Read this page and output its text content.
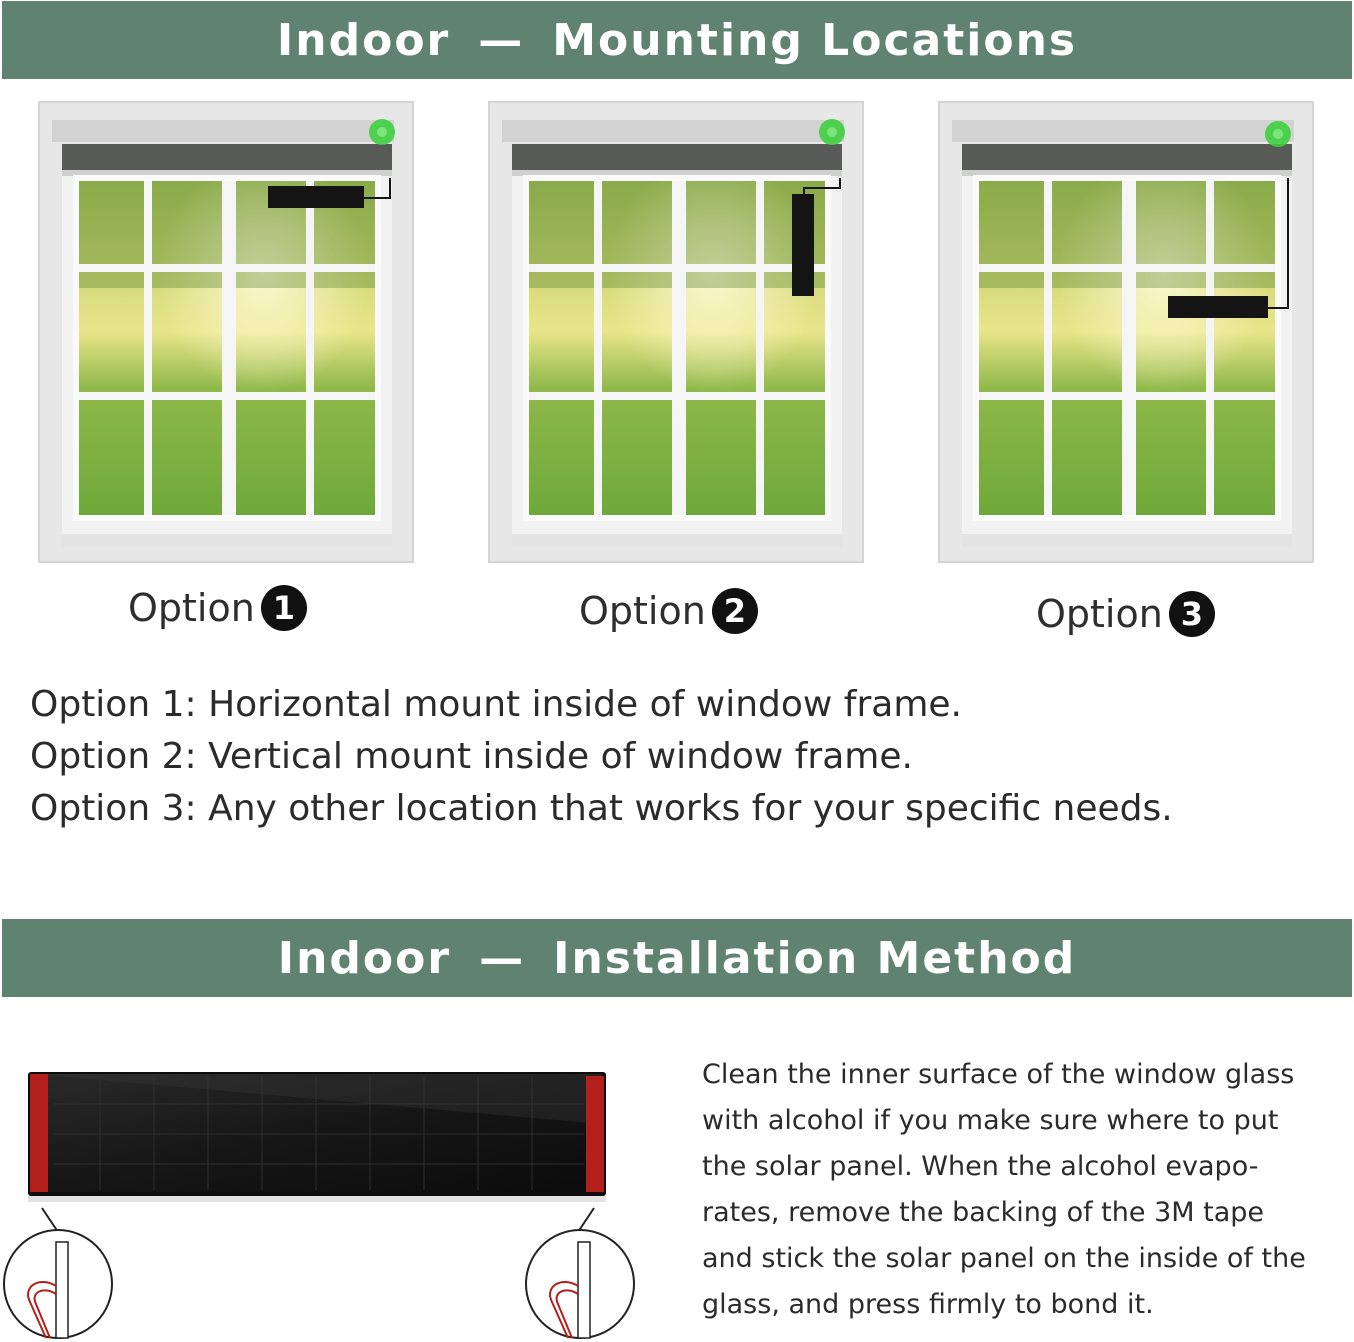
Indoor — Mounting Locations
Option 1	Option 2	Option 3
Option 1: Horizontal mount inside of window frame.
Option 2: Vertical mount inside of window frame.
Option 3: Any other location that works for your specific needs.
Indoor — Installation Method
Clean the inner surface of the window glass
with alcohol if you make sure where to put
the solar panel. When the alcohol evapo-
rates, remove the backing of the 3M tape
and stick the solar panel on the inside of the
glass, and press firmly to bond it.
